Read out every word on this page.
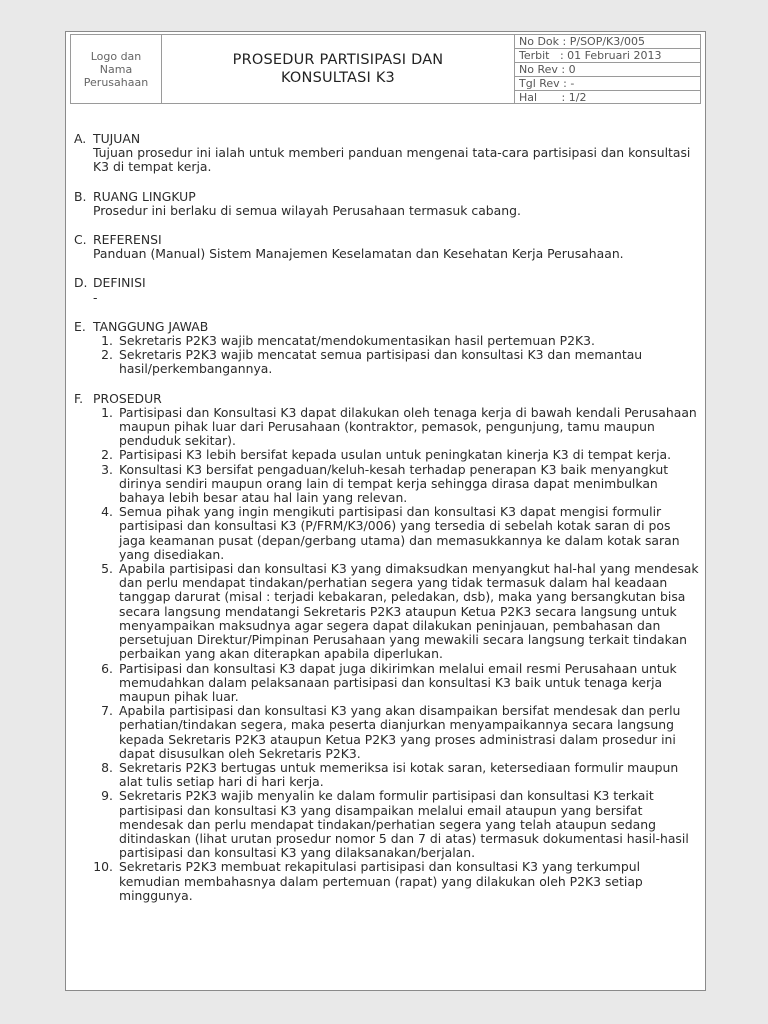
Logo dan
Nama
Perusahaan
PROSEDUR PARTISIPASI DAN
KONSULTASI K3
No Dok : P/SOP/K3/005
Terbit   : 01 Februari 2013
No Rev : 0
Tgl Rev : -
Hal       : 1/2
A. TUJUAN
Tujuan prosedur ini ialah untuk memberi panduan mengenai tata-cara partisipasi dan konsultasi K3 di tempat kerja.
B. RUANG LINGKUP
Prosedur ini berlaku di semua wilayah Perusahaan termasuk cabang.
C. REFERENSI
Panduan (Manual) Sistem Manajemen Keselamatan dan Kesehatan Kerja Perusahaan.
D. DEFINISI
-
E. TANGGUNG JAWAB
1. Sekretaris P2K3 wajib mencatat/mendokumentasikan hasil pertemuan P2K3.
2. Sekretaris P2K3 wajib mencatat semua partisipasi dan konsultasi K3 dan memantau hasil/perkembangannya.
F. PROSEDUR
1. Partisipasi dan Konsultasi K3 dapat dilakukan oleh tenaga kerja di bawah kendali Perusahaan maupun pihak luar dari Perusahaan (kontraktor, pemasok, pengunjung, tamu maupun penduduk sekitar).
2. Partisipasi K3 lebih bersifat kepada usulan untuk peningkatan kinerja K3 di tempat kerja.
3. Konsultasi K3 bersifat pengaduan/keluh-kesah terhadap penerapan K3 baik menyangkut dirinya sendiri maupun orang lain di tempat kerja sehingga dirasa dapat menimbulkan bahaya lebih besar atau hal lain yang relevan.
4. Semua pihak yang ingin mengikuti partisipasi dan konsultasi K3 dapat mengisi formulir partisipasi dan konsultasi K3 (P/FRM/K3/006) yang tersedia di sebelah kotak saran di pos jaga keamanan pusat (depan/gerbang utama) dan memasukkannya ke dalam kotak saran yang disediakan.
5. Apabila partisipasi dan konsultasi K3 yang dimaksudkan menyangkut hal-hal yang mendesak dan perlu mendapat tindakan/perhatian segera yang tidak termasuk dalam hal keadaan tanggap darurat (misal : terjadi kebakaran, peledakan, dsb), maka yang bersangkutan bisa secara langsung mendatangi Sekretaris P2K3 ataupun Ketua P2K3 secara langsung untuk menyampaikan maksudnya agar segera dapat dilakukan peninjauan, pembahasan dan persetujuan Direktur/Pimpinan Perusahaan yang mewakili secara langsung terkait tindakan perbaikan yang akan diterapkan apabila diperlukan.
6. Partisipasi dan konsultasi K3 dapat juga dikirimkan melalui email resmi Perusahaan untuk memudahkan dalam pelaksanaan partisipasi dan konsultasi K3 baik untuk tenaga kerja maupun pihak luar.
7. Apabila partisipasi dan konsultasi K3 yang akan disampaikan bersifat mendesak dan perlu perhatian/tindakan segera, maka peserta dianjurkan menyampaikannya secara langsung kepada Sekretaris P2K3 ataupun Ketua P2K3 yang proses administrasi dalam prosedur ini dapat disusulkan oleh Sekretaris P2K3.
8. Sekretaris P2K3 bertugas untuk memeriksa isi kotak saran, ketersediaan formulir maupun alat tulis setiap hari di hari kerja.
9. Sekretaris P2K3 wajib menyalin ke dalam formulir partisipasi dan konsultasi K3 terkait partisipasi dan konsultasi K3 yang disampaikan melalui email ataupun yang bersifat mendesak dan perlu mendapat tindakan/perhatian segera yang telah ataupun sedang ditindaskan (lihat urutan prosedur nomor 5 dan 7 di atas) termasuk dokumentasi hasil-hasil partisipasi dan konsultasi K3 yang dilaksanakan/berjalan.
10. Sekretaris P2K3 membuat rekapitulasi partisipasi dan konsultasi K3 yang terkumpul kemudian membahasnya dalam pertemuan (rapat) yang dilakukan oleh P2K3 setiap minggunya.
